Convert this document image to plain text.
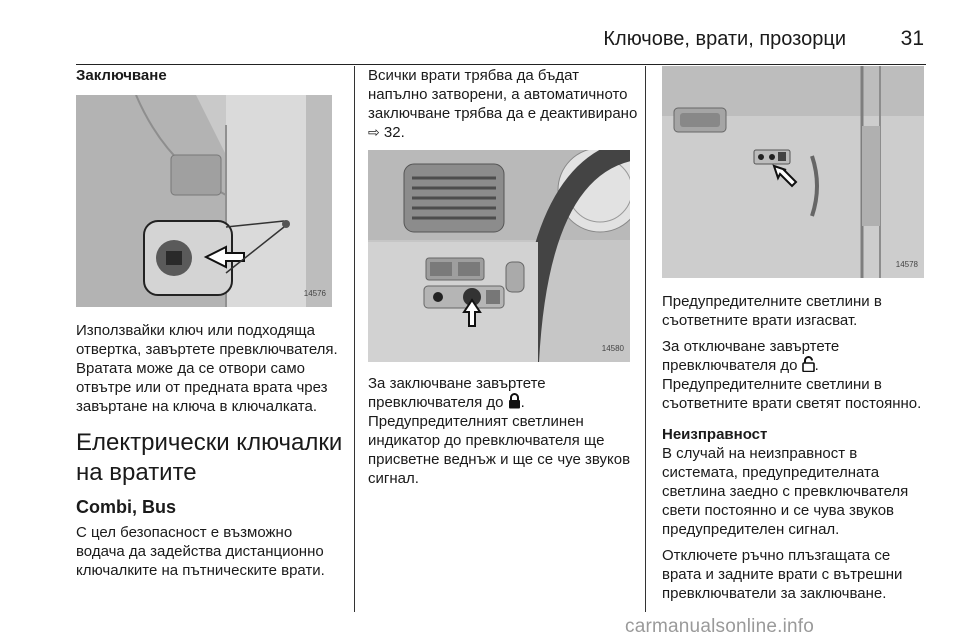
Ключове, врати, прозорци	31
Заключване
14576

Използвайки ключ или подходяща отвертка, завъртете превключвателя. Вратата може да се отвори само отвътре или от предната врата чрез завъртане на ключа в ключалката.

Електрически ключалки
на вратите
Combi, Bus

С цел безопасност е възможно водача да задейства дистанционно ключалките на пътническите врати.

Всички врати трябва да бъдат напълно затворени, а автоматичното заключване трябва да е деактивирано ⇨ 32.

14580

За заключване завъртете превключвателя до .
Предупредителният светлинен индикатор до превключвателя ще присветне веднъж и ще се чуе звуков сигнал.

14578

Предупредителните светлини в съответните врати изгасват.

За отключване завъртете превключвателя до .
Предупредителните светлини в съответните врати светят постоянно.

Неизправност

В случай на неизправност в системата, предупредителната светлина заедно с превключвателя свети постоянно и се чува звуков предупредителен сигнал.

Отключете ръчно плъзгащата се врата и задните врати с вътрешни превключватели за заключване.

carmanualsonline.info
